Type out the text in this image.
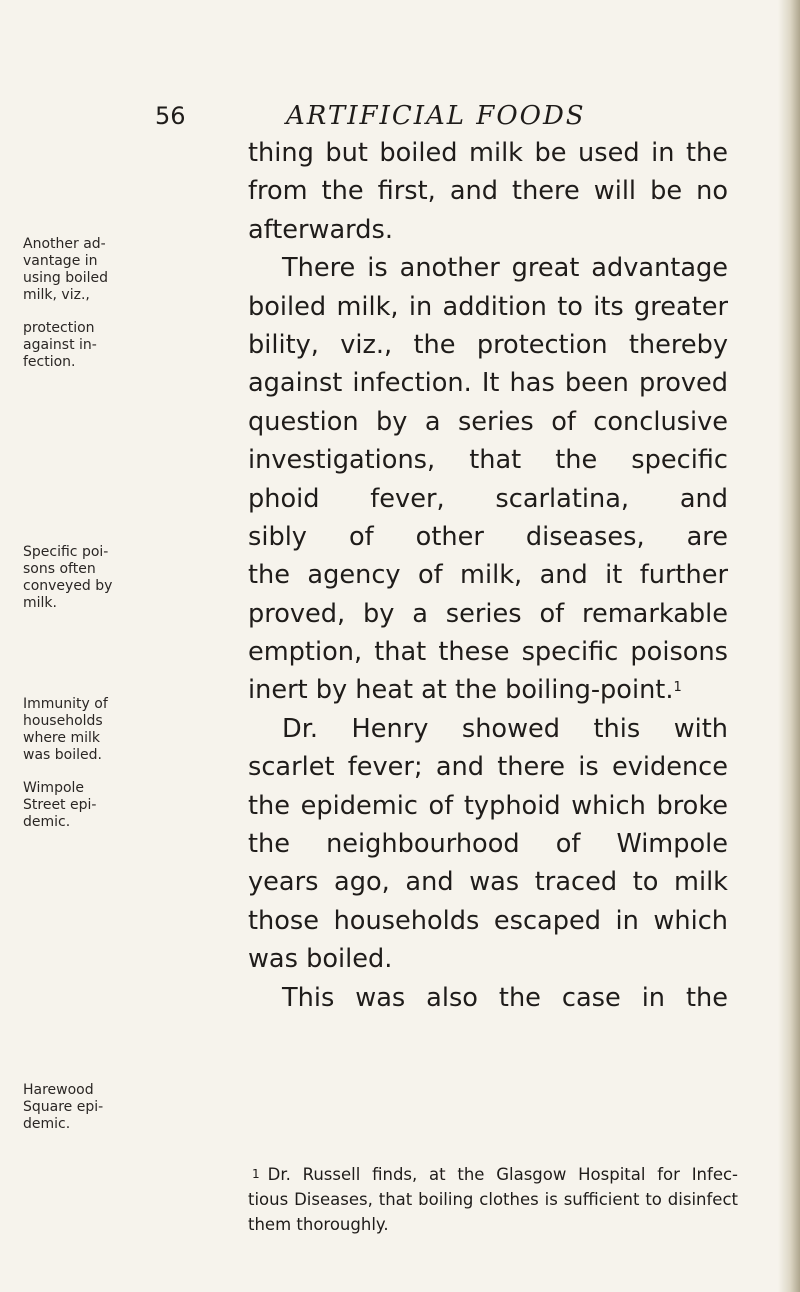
56	ARTIFICIAL FOODS
thing but boiled milk be used in the
from the first, and there will be no
afterwards.
There is another great advantage
boiled milk, in addition to its greater
bility, viz., the protection thereby
against infection. It has been proved
question by a series of conclusive
investigations, that the specific
phoid fever, scarlatina, and
sibly of other diseases, are
the agency of milk, and it further
proved, by a series of remarkable
emption, that these specific poisons
inert by heat at the boiling-point.$^1$
Dr. Henry showed this with
scarlet fever; and there is evidence
the epidemic of typhoid which broke
the neighbourhood of Wimpole
years ago, and was traced to milk
those households escaped in which
was boiled.
This was also the case in the
Another ad-
vantage in
using boiled
milk, viz.,
protection
against in-
fection.
Specific poi-
sons often
conveyed by
milk.
Immunity of
households
where milk
was boiled.
Wimpole
Street epi-
demic.
Harewood
Square epi-
demic.
$^1$ Dr. Russell finds, at the Glasgow Hospital for Infec-
tious Diseases, that boiling clothes is sufficient to disinfect
them thoroughly.
